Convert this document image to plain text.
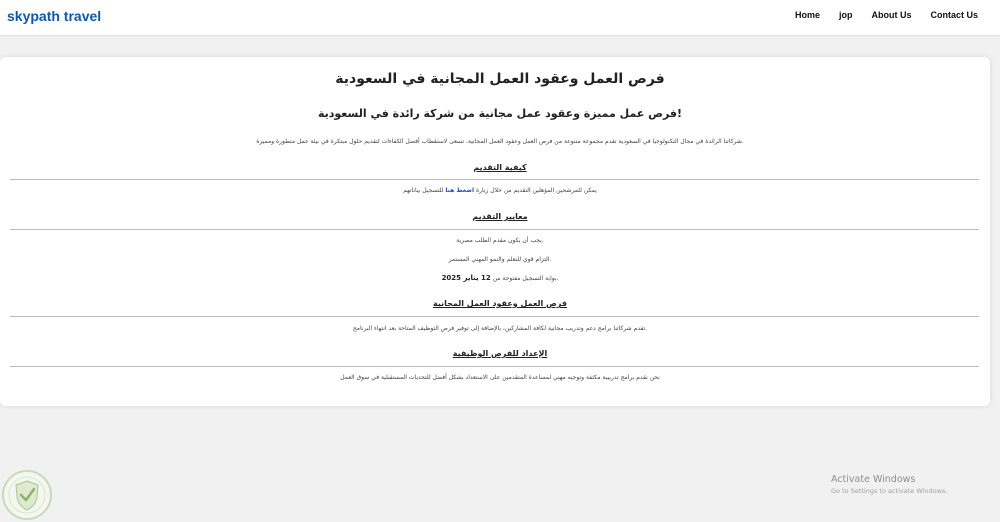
skypath travel	Home jop About Us Contact Us
فرص العمل وعقود العمل المجانية في السعودية
!فرص عمل مميزة وعقود عمل مجانية من شركة رائدة في السعودية
.شركاتنا الرائدة في مجال التكنولوجيا في السعودية تقدم مجموعة متنوعة من فرص العمل وعقود العمل المجانية. تسعى لاستقطاب أفضل الكفاءات لتقديم حلول مبتكرة في بيئة عمل متطورة ومميزة
كيفية التقديم
يمكن للمرشحين المؤهلين التقديم من خلال زيارة اضغط هنا للتسجيل بياناتهم
معايير التقديم
.يجب أن يكون مقدم الطلب مصرية
.التزام قوي للتعلم والنمو المهني المستمر
.بوابة التسجيل مفتوحة من 12 يناير 2025
فرص العمل وعقود العمل المجانية
.تقدم شركاتنا برامج دعم وتدريب مجانية لكافة المشاركين، بالإضافة إلى توفير فرص التوظيف المتاحة بعد انتهاء البرنامج
الإعداد للفرص الوظيفية
نحن نقدم برامج تدريبية مكثفة وتوجيه مهني لمساعدة المتقدمين على الاستعداد بشكل أفضل للتحديات المستقبلية في سوق العمل
Activate Windows
Go to Settings to activate Windows.
